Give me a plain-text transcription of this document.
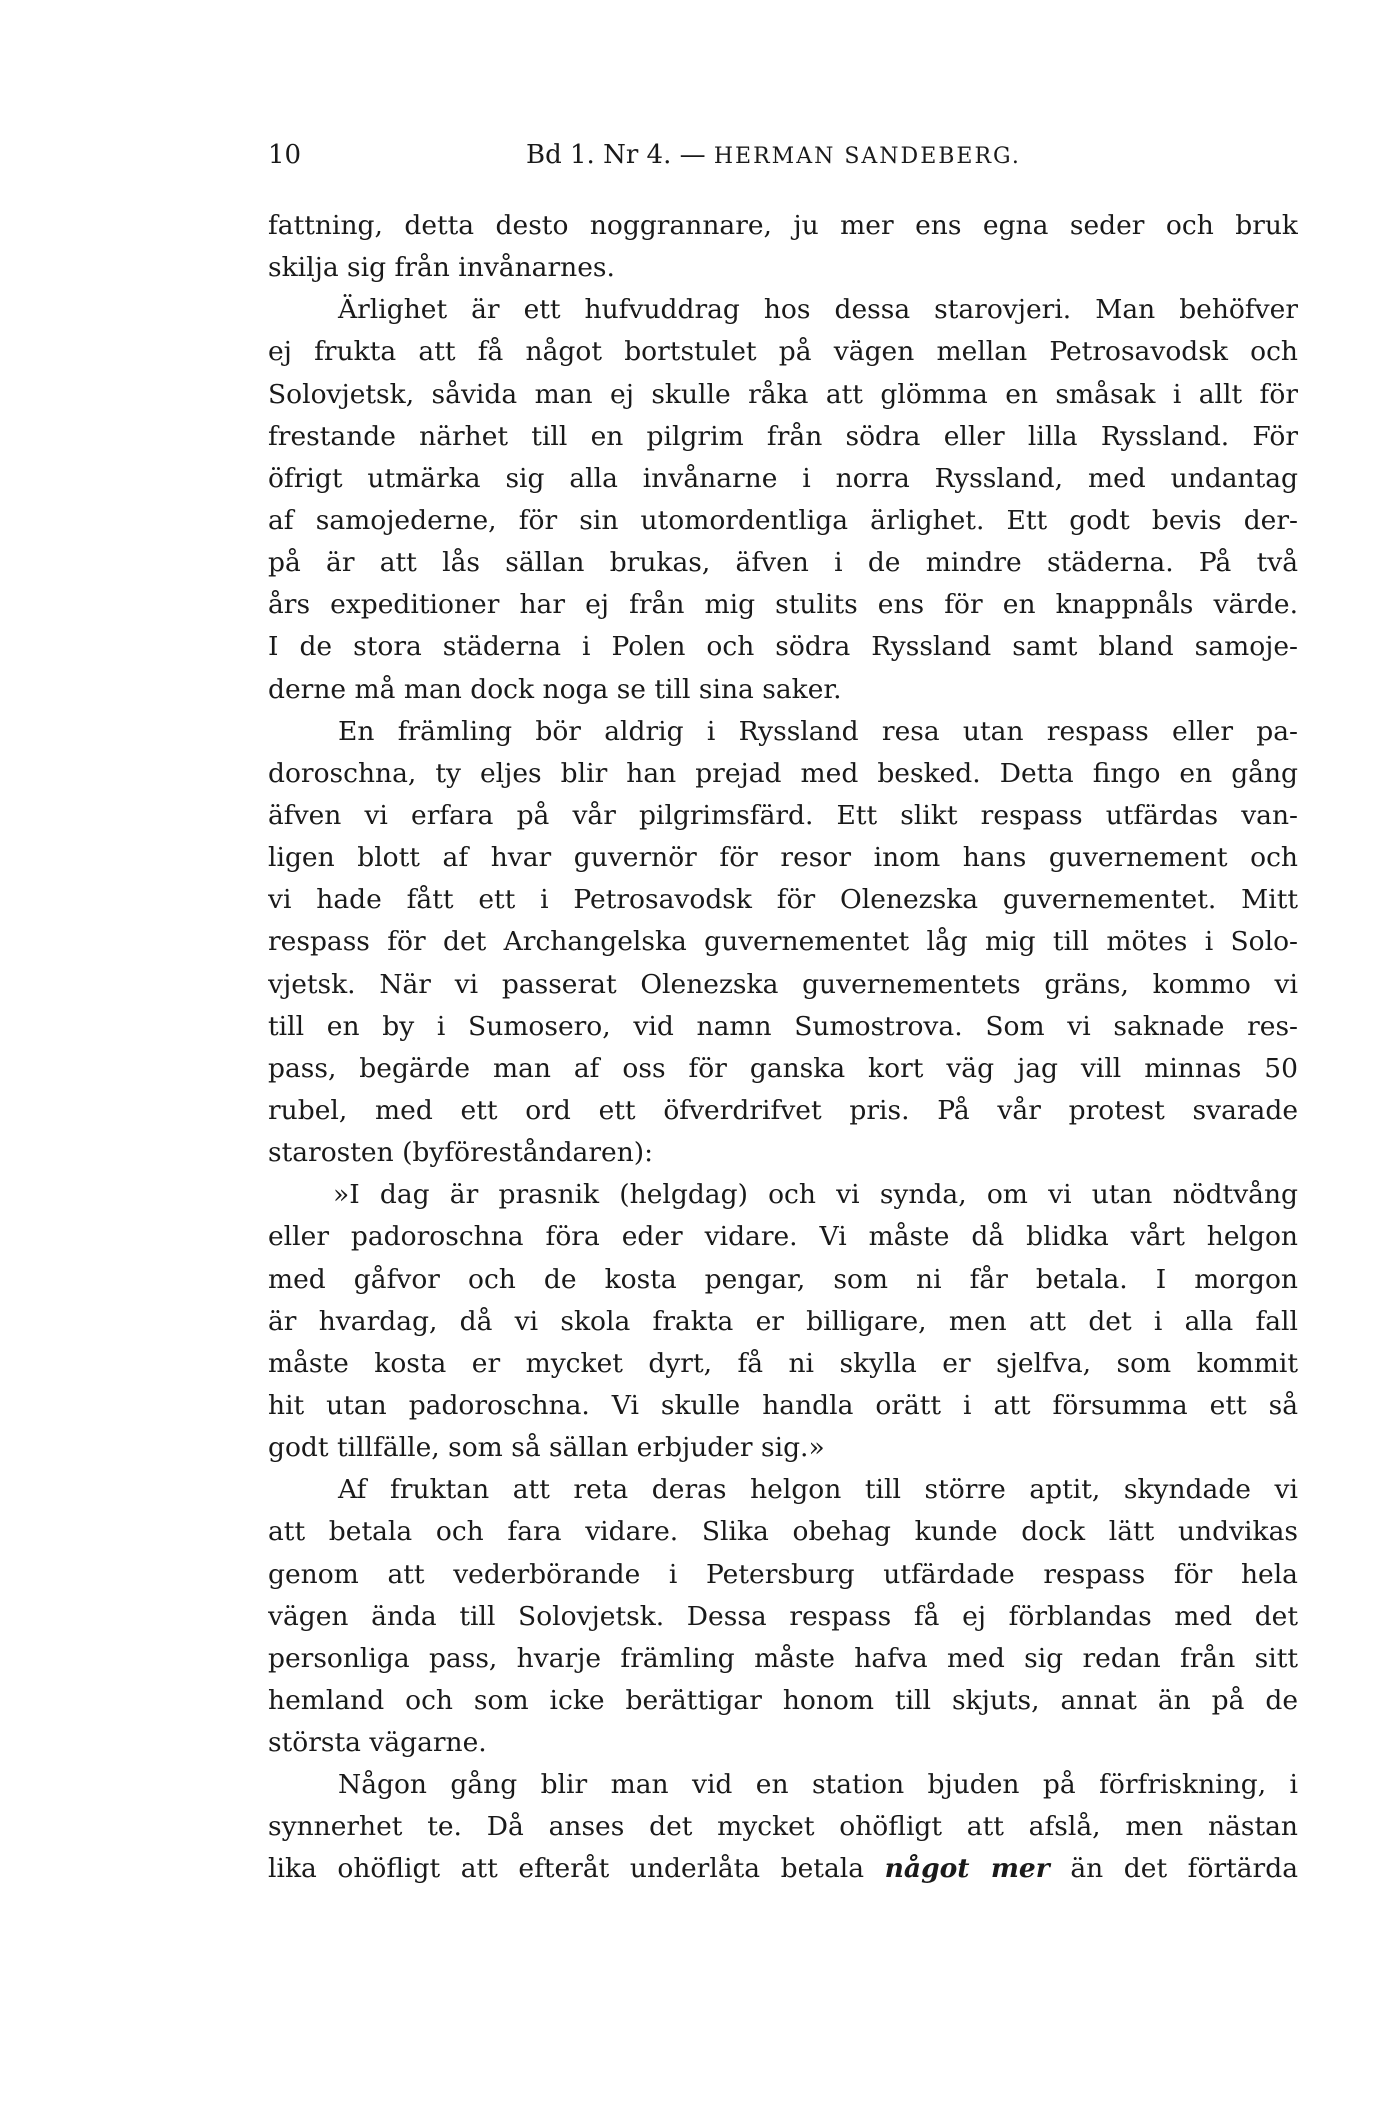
10	Bd 1. Nr 4. — HERMAN SANDEBERG.
fattning, detta desto noggrannare, ju mer ens egna seder och bruk
skilja sig från invånarnes.
Ärlighet är ett hufvuddrag hos dessa starovjeri. Man behöfver
ej frukta att få något bortstulet på vägen mellan Petrosavodsk och
Solovjetsk, såvida man ej skulle råka att glömma en småsak i allt för
frestande närhet till en pilgrim från södra eller lilla Ryssland. För
öfrigt utmärka sig alla invånarne i norra Ryssland, med undantag
af samojederne, för sin utomordentliga ärlighet. Ett godt bevis der-
på är att lås sällan brukas, äfven i de mindre städerna. På två
års expeditioner har ej från mig stulits ens för en knappnåls värde.
I de stora städerna i Polen och södra Ryssland samt bland samoje-
derne må man dock noga se till sina saker.
En främling bör aldrig i Ryssland resa utan respass eller pa-
doroschna, ty eljes blir han prejad med besked. Detta fingo en gång
äfven vi erfara på vår pilgrimsfärd. Ett slikt respass utfärdas van-
ligen blott af hvar guvernör för resor inom hans guvernement och
vi hade fått ett i Petrosavodsk för Olenezska guvernementet. Mitt
respass för det Archangelska guvernementet låg mig till mötes i Solo-
vjetsk. När vi passerat Olenezska guvernementets gräns, kommo vi
till en by i Sumosero, vid namn Sumostrova. Som vi saknade res-
pass, begärde man af oss för ganska kort väg jag vill minnas 50
rubel, med ett ord ett öfverdrifvet pris. På vår protest svarade
starosten (byföreståndaren):
»I dag är prasnik (helgdag) och vi synda, om vi utan nödtvång
eller padoroschna föra eder vidare. Vi måste då blidka vårt helgon
med gåfvor och de kosta pengar, som ni får betala. I morgon
är hvardag, då vi skola frakta er billigare, men att det i alla fall
måste kosta er mycket dyrt, få ni skylla er sjelfva, som kommit
hit utan padoroschna. Vi skulle handla orätt i att försumma ett så
godt tillfälle, som så sällan erbjuder sig.»
Af fruktan att reta deras helgon till större aptit, skyndade vi
att betala och fara vidare. Slika obehag kunde dock lätt undvikas
genom att vederbörande i Petersburg utfärdade respass för hela
vägen ända till Solovjetsk. Dessa respass få ej förblandas med det
personliga pass, hvarje främling måste hafva med sig redan från sitt
hemland och som icke berättigar honom till skjuts, annat än på de
största vägarne.
Någon gång blir man vid en station bjuden på förfriskning, i
synnerhet te. Då anses det mycket ohöfligt att afslå, men nästan
lika ohöfligt att efteråt underlåta betala något mer än det förtärda
